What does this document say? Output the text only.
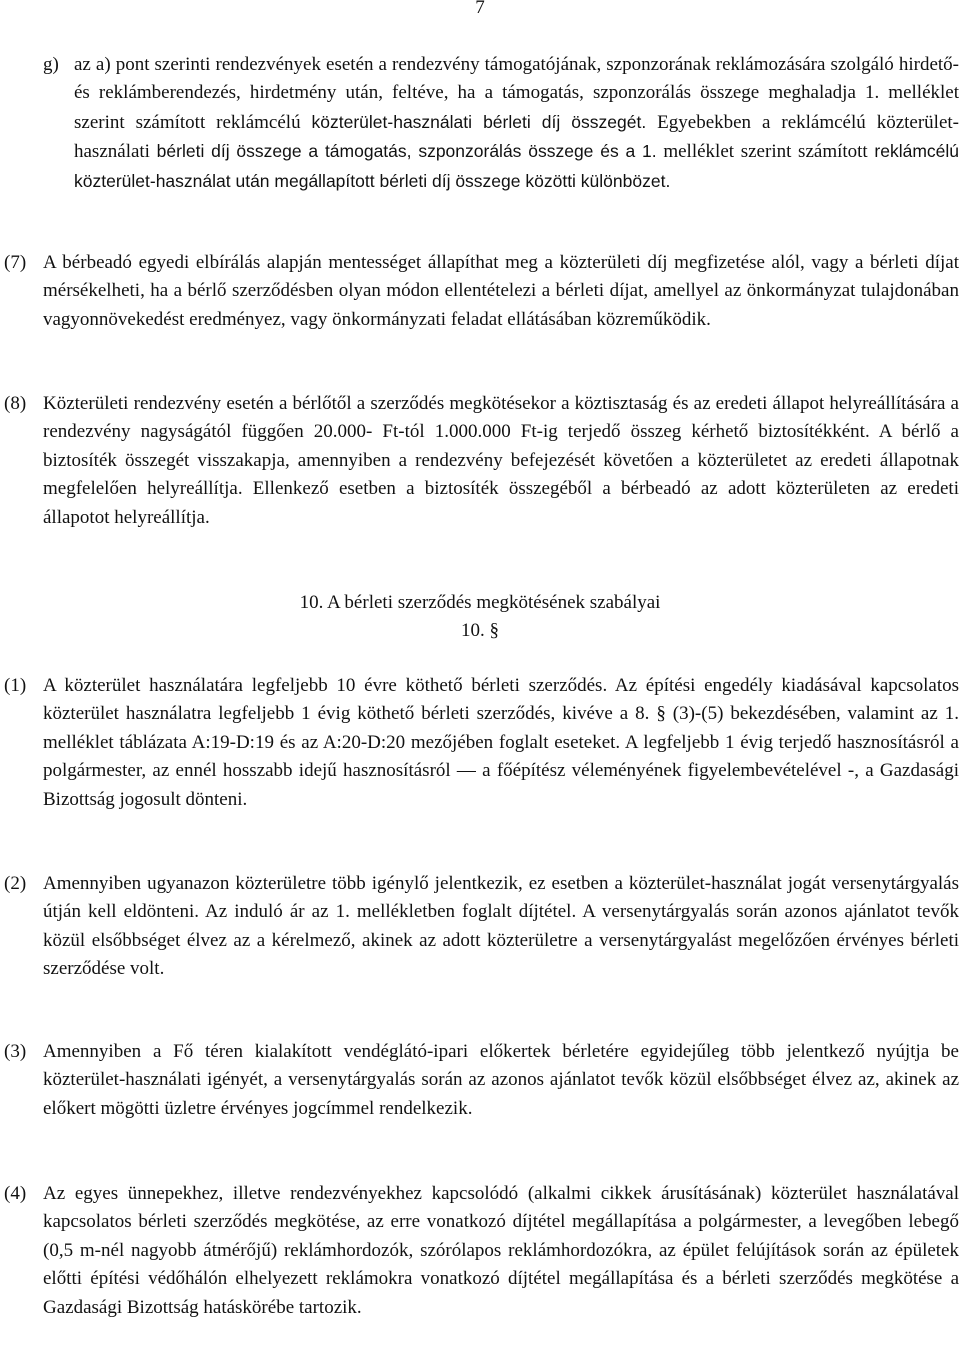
7
g) az a) pont szerinti rendezvények esetén a rendezvény támogatójának, szponzorának reklámozására szolgáló hirdető- és reklámberendezés, hirdetmény után, feltéve, ha a támogatás, szponzorálás összege meghaladja 1. melléklet szerint számított reklámcélú közterület-használati bérleti díj összegét. Egyebekben a reklámcélú közterület-használati bérleti díj összege a támogatás, szponzorálás összege és a 1. melléklet szerint számított reklámcélú közterület-használat után megállapított bérleti díj összege közötti különbözet.
(7) A bérbeadó egyedi elbírálás alapján mentességet állapíthat meg a közterületi díj megfizetése alól, vagy a bérleti díjat mérsékelheti, ha a bérlő szerződésben olyan módon ellentételezi a bérleti díjat, amellyel az önkormányzat tulajdonában vagyonnövekedést eredményez, vagy önkormányzati feladat ellátásában közreműködik.
(8) Közterületi rendezvény esetén a bérlőtől a szerződés megkötésekor a köztisztaság és az eredeti állapot helyreállítására a rendezvény nagyságától függően 20.000- Ft-tól 1.000.000 Ft-ig terjedő összeg kérhető biztosítékként. A bérlő a biztosíték összegét visszakapja, amennyiben a rendezvény befejezését követően a közterületet az eredeti állapotnak megfelelően helyreállítja. Ellenkező esetben a biztosíték összegéből a bérbeadó az adott közterületen az eredeti állapotot helyreállítja.
10. A bérleti szerződés megkötésének szabályai
10. §
(1) A közterület használatára legfeljebb 10 évre köthető bérleti szerződés. Az építési engedély kiadásával kapcsolatos közterület használatra legfeljebb 1 évig köthető bérleti szerződés, kivéve a 8. § (3)-(5) bekezdésében, valamint az 1. melléklet táblázata A:19-D:19 és az A:20-D:20 mezőjében foglalt eseteket. A legfeljebb 1 évig terjedő hasznosításról a polgármester, az ennél hosszabb idejű hasznosításról — a főépítész véleményének figyelembevételével -, a Gazdasági Bizottság jogosult dönteni.
(2) Amennyiben ugyanazon közterületre több igénylő jelentkezik, ez esetben a közterület-használat jogát versenytárgyalás útján kell eldönteni. Az induló ár az 1. mellékletben foglalt díjtétel. A versenytárgyalás során azonos ajánlatot tevők közül elsőbbséget élvez az a kérelmező, akinek az adott közterületre a versenytárgyalást megelőzően érvényes bérleti szerződése volt.
(3) Amennyiben a Fő téren kialakított vendéglátó-ipari előkertek bérletére egyidejűleg több jelentkező nyújtja be közterület-használati igényét, a versenytárgyalás során az azonos ajánlatot tevők közül elsőbbséget élvez az, akinek az előkert mögötti üzletre érvényes jogcímmel rendelkezik.
(4) Az egyes ünnepekhez, illetve rendezvényekhez kapcsolódó (alkalmi cikkek árusításának) közterület használatával kapcsolatos bérleti szerződés megkötése, az erre vonatkozó díjtétel megállapítása a polgármester, a levegőben lebegő (0,5 m-nél nagyobb átmérőjű) reklámhordozók, szórólapos reklámhordozókra, az épület felújítások során az épületek előtti építési védőhálón elhelyezett reklámokra vonatkozó díjtétel megállapítása és a bérleti szerződés megkötése a Gazdasági Bizottság hatáskörébe tartozik.
